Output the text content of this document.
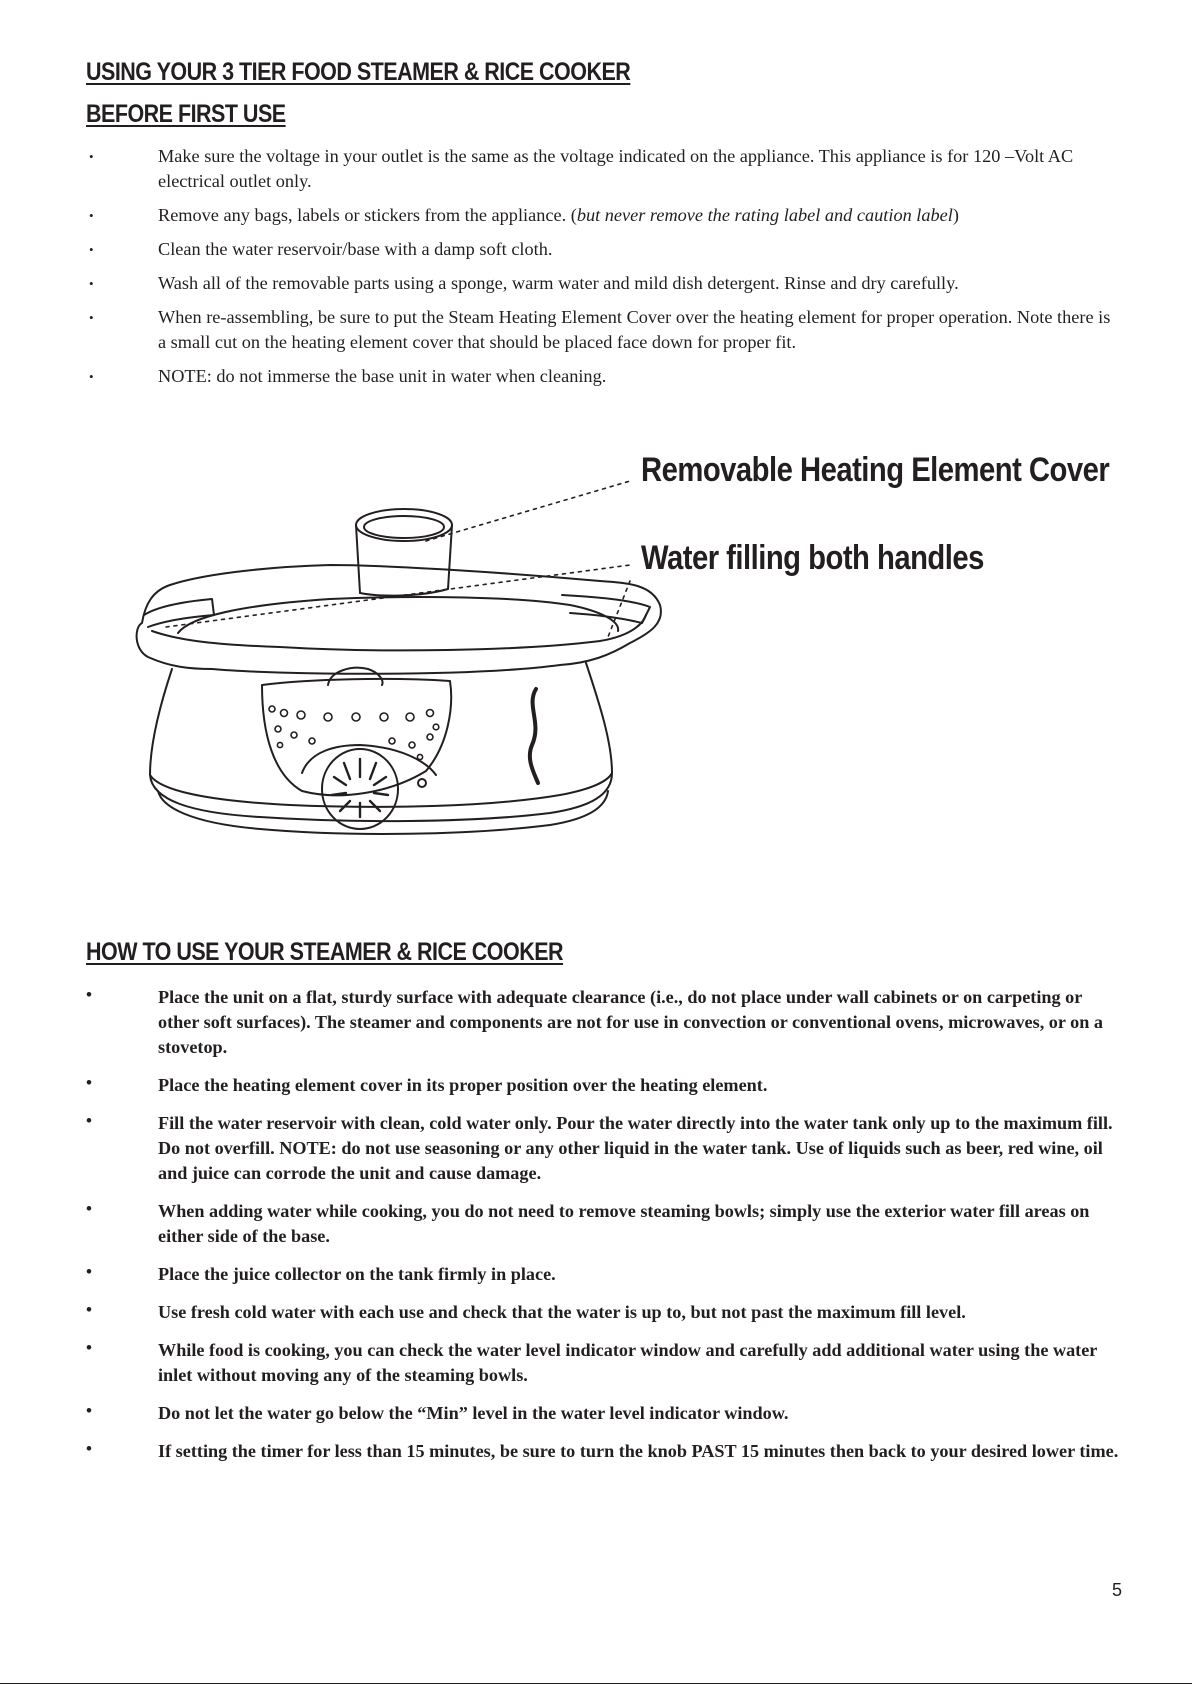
USING YOUR 3 TIER FOOD STEAMER & RICE COOKER
BEFORE FIRST USE
•	Make sure the voltage in your outlet is the same as the voltage indicated on the appliance. This appliance is for 120 –Volt AC electrical outlet only.
•	Remove any bags, labels or stickers from the appliance. (but never remove the rating label and caution label)
•	Clean the water reservoir/base with a damp soft cloth.
•	Wash all of the removable parts using a sponge, warm water and mild dish detergent. Rinse and dry carefully.
•	When re-assembling, be sure to put the Steam Heating Element Cover over the heating element for proper operation. Note there is a small cut on the heating element cover that should be placed face down for proper fit.
•	NOTE: do not immerse the base unit in water when cleaning.
Removable Heating Element Cover
Water filling both handles
HOW TO USE YOUR STEAMER & RICE COOKER
•	Place the unit on a flat, sturdy surface with adequate clearance (i.e., do not place under wall cabinets or on carpeting or other soft surfaces). The steamer and components are not for use in convection or conventional ovens, microwaves, or on a stovetop.
•	Place the heating element cover in its proper position over the heating element.
•	Fill the water reservoir with clean, cold water only. Pour the water directly into the water tank only up to the maximum fill. Do not overfill. NOTE: do not use seasoning or any other liquid in the water tank. Use of liquids such as beer, red wine, oil and juice can corrode the unit and cause damage.
•	When adding water while cooking, you do not need to remove steaming bowls; simply use the exterior water fill areas on either side of the base.
•	Place the juice collector on the tank firmly in place.
•	Use fresh cold water with each use and check that the water is up to, but not past the maximum fill level.
•	While food is cooking, you can check the water level indicator window and carefully add additional water using the water inlet without moving any of the steaming bowls.
•	Do not let the water go below the “Min” level in the water level indicator window.
•	If setting the timer for less than 15 minutes, be sure to turn the knob PAST 15 minutes then back to your desired lower time.
5
